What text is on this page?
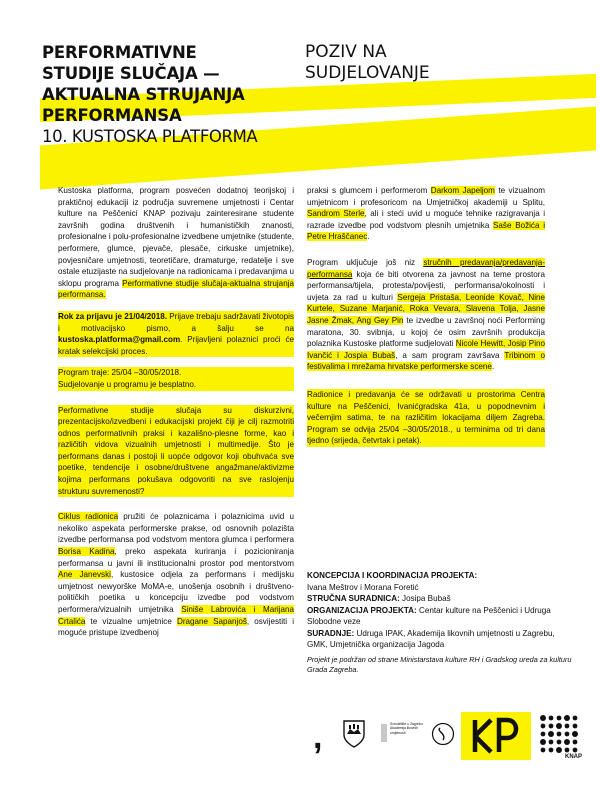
PERFORMATIVNE
STUDIJE SLUČAJA —
AKTUALNA STRUJANJA
PERFORMANSA
10. KUSTOSKA PLATFORMA
POZIV NA
SUDJELOVANJE

Kustoska platforma, program posvećen dodatnoj teorijskoj i praktičnoj edukaciji iz područja suvremene umjetnosti i Centar kulture na Peščenici KNAP pozivaju zainteresirane studente završnih godina društvenih i humanističkih znanosti, profesionalne i polu-profesionalne izvedbene umjetnike (studente, performere, glumce, pjevače, plesače, cirkuske umjetnike), povjesničare umjetnosti, teoretičare, dramaturge, redatelje i sve ostale etuzijaste na sudjelovanje na radionicama i predavanjima u sklopu programa Performativne studije slučaja-aktualna strujanja performansa.

Rok za prijavu je 21/04/2018. Prijave trebaju sadržavati životopis i motivacijsko pismo, a šalju se na kustoska.platforma@gmail.com. Prijavljeni polaznici proći će kratak selekcijski proces.

Program traje: 25/04 –30/05/2018.
Sudjelovanje u programu je besplatno.

Performativne studije slučaja su diskurzivni, prezentacijsko/izvedbeni i edukacijski projekt čiji je cilj razmotriti odnos performativnih praksi i kazališno-plesne forme, kao i različitih vidova vizualnih umjetnosti i multimedije. Što je performans danas i postoji li uopće odgovor koji obuhvaća sve poetike, tendencije i osobne/društvene angažmane/aktivizme kojima performans pokušava odgovoriti na sve raslojenju strukturu suvremenosti?

Ciklus radionica pružiti će polaznicama i polaznicima uvid u nekoliko aspekata performerske prakse, od osnovnih polazišta izvedbe performansa pod vodstvom mentora glumca i performera Borisa Kadina, preko aspekata kuriranja i pozicioniranja performansa u javni ili institucionalni prostor pod mentorstvom Ane Janevski, kustosice odjela za performans i medijsku umjetnost newyorške MoMA-e, unošenja osobnih i društveno-političkih poetika u koncepciju izvedbe pod vodstvom performera/vizualnih umjetnika Siniše Labrovića i Marijana Crtalića te vizualne umjetnice Dragane Sapanjoš, osvijestiti i moguće pristupe izvedbenoj

praksi s glumcem i performerom Darkom Japeljom te vizualnom umjetnicom i profesoricom na Umjetničkoj akademiji u Splitu, Sandrom Sterle, ali i steći uvid u moguće tehnike razigravanja i razrade izvedbe pod vodstvom plesnih umjetnika Saše Božića i Petre Hraščanec.

Program uključuje još niz stručnih predavanja/predavanja-performansa koja će biti otvorena za javnost na teme prostora performansa/tijela, protesta/povijesti, performansa/okolnosti i uvjeta za rad u kulturi Sergeja Pristaša, Leonide Kovač, Nine Kurtele, Suzane Marjanić, Roka Vevara, Slavena Tolja, Jasne Jasne Žmak, Ang Gey Pin te izvedbe u završnoj noći Performing maratona, 30. svibnja, u kojoj će osim završnih produkcija polaznika Kustoske platforme sudjelovati Nicole Hewitt, Josip Pino Ivančić i Jospia Bubaš, a sam program završava Tribinom o festivalima i mrežama hrvatske performerske scene.

Radionice i predavanja će se održavati u prostorima Centra kulture na Peščenici, Ivanićgradska 41a, u popodnevnim i večernjim satima, te na različitim lokacijama diljem Zagreba. Program se odvija 25/04 –30/05/2018., u terminima od tri dana tjedno (srijeda, četvrtak i petak).

KONCEPCIJA I KOORDINACIJA PROJEKTA:

Ivana Meštrov i Morana Foretić

STRUČNA SURADNICA: Josipa Bubaš

ORGANIZACIJA PROJEKTA: Centar kulture na Peščenici i Udruga Slobodne veze

SURADNJE: Udruga IPAK, Akademija likovnih umjetnosti u Zagrebu, GMK, Umjetnička organizacija Jagoda

Projekt je podržan od strane Ministarstava kulture RH i Gradskog ureda za kulturu Grada Zagreba.

,	Sveučilište u Zagrebu Akademija likovnih umjetnosti
KNAP
